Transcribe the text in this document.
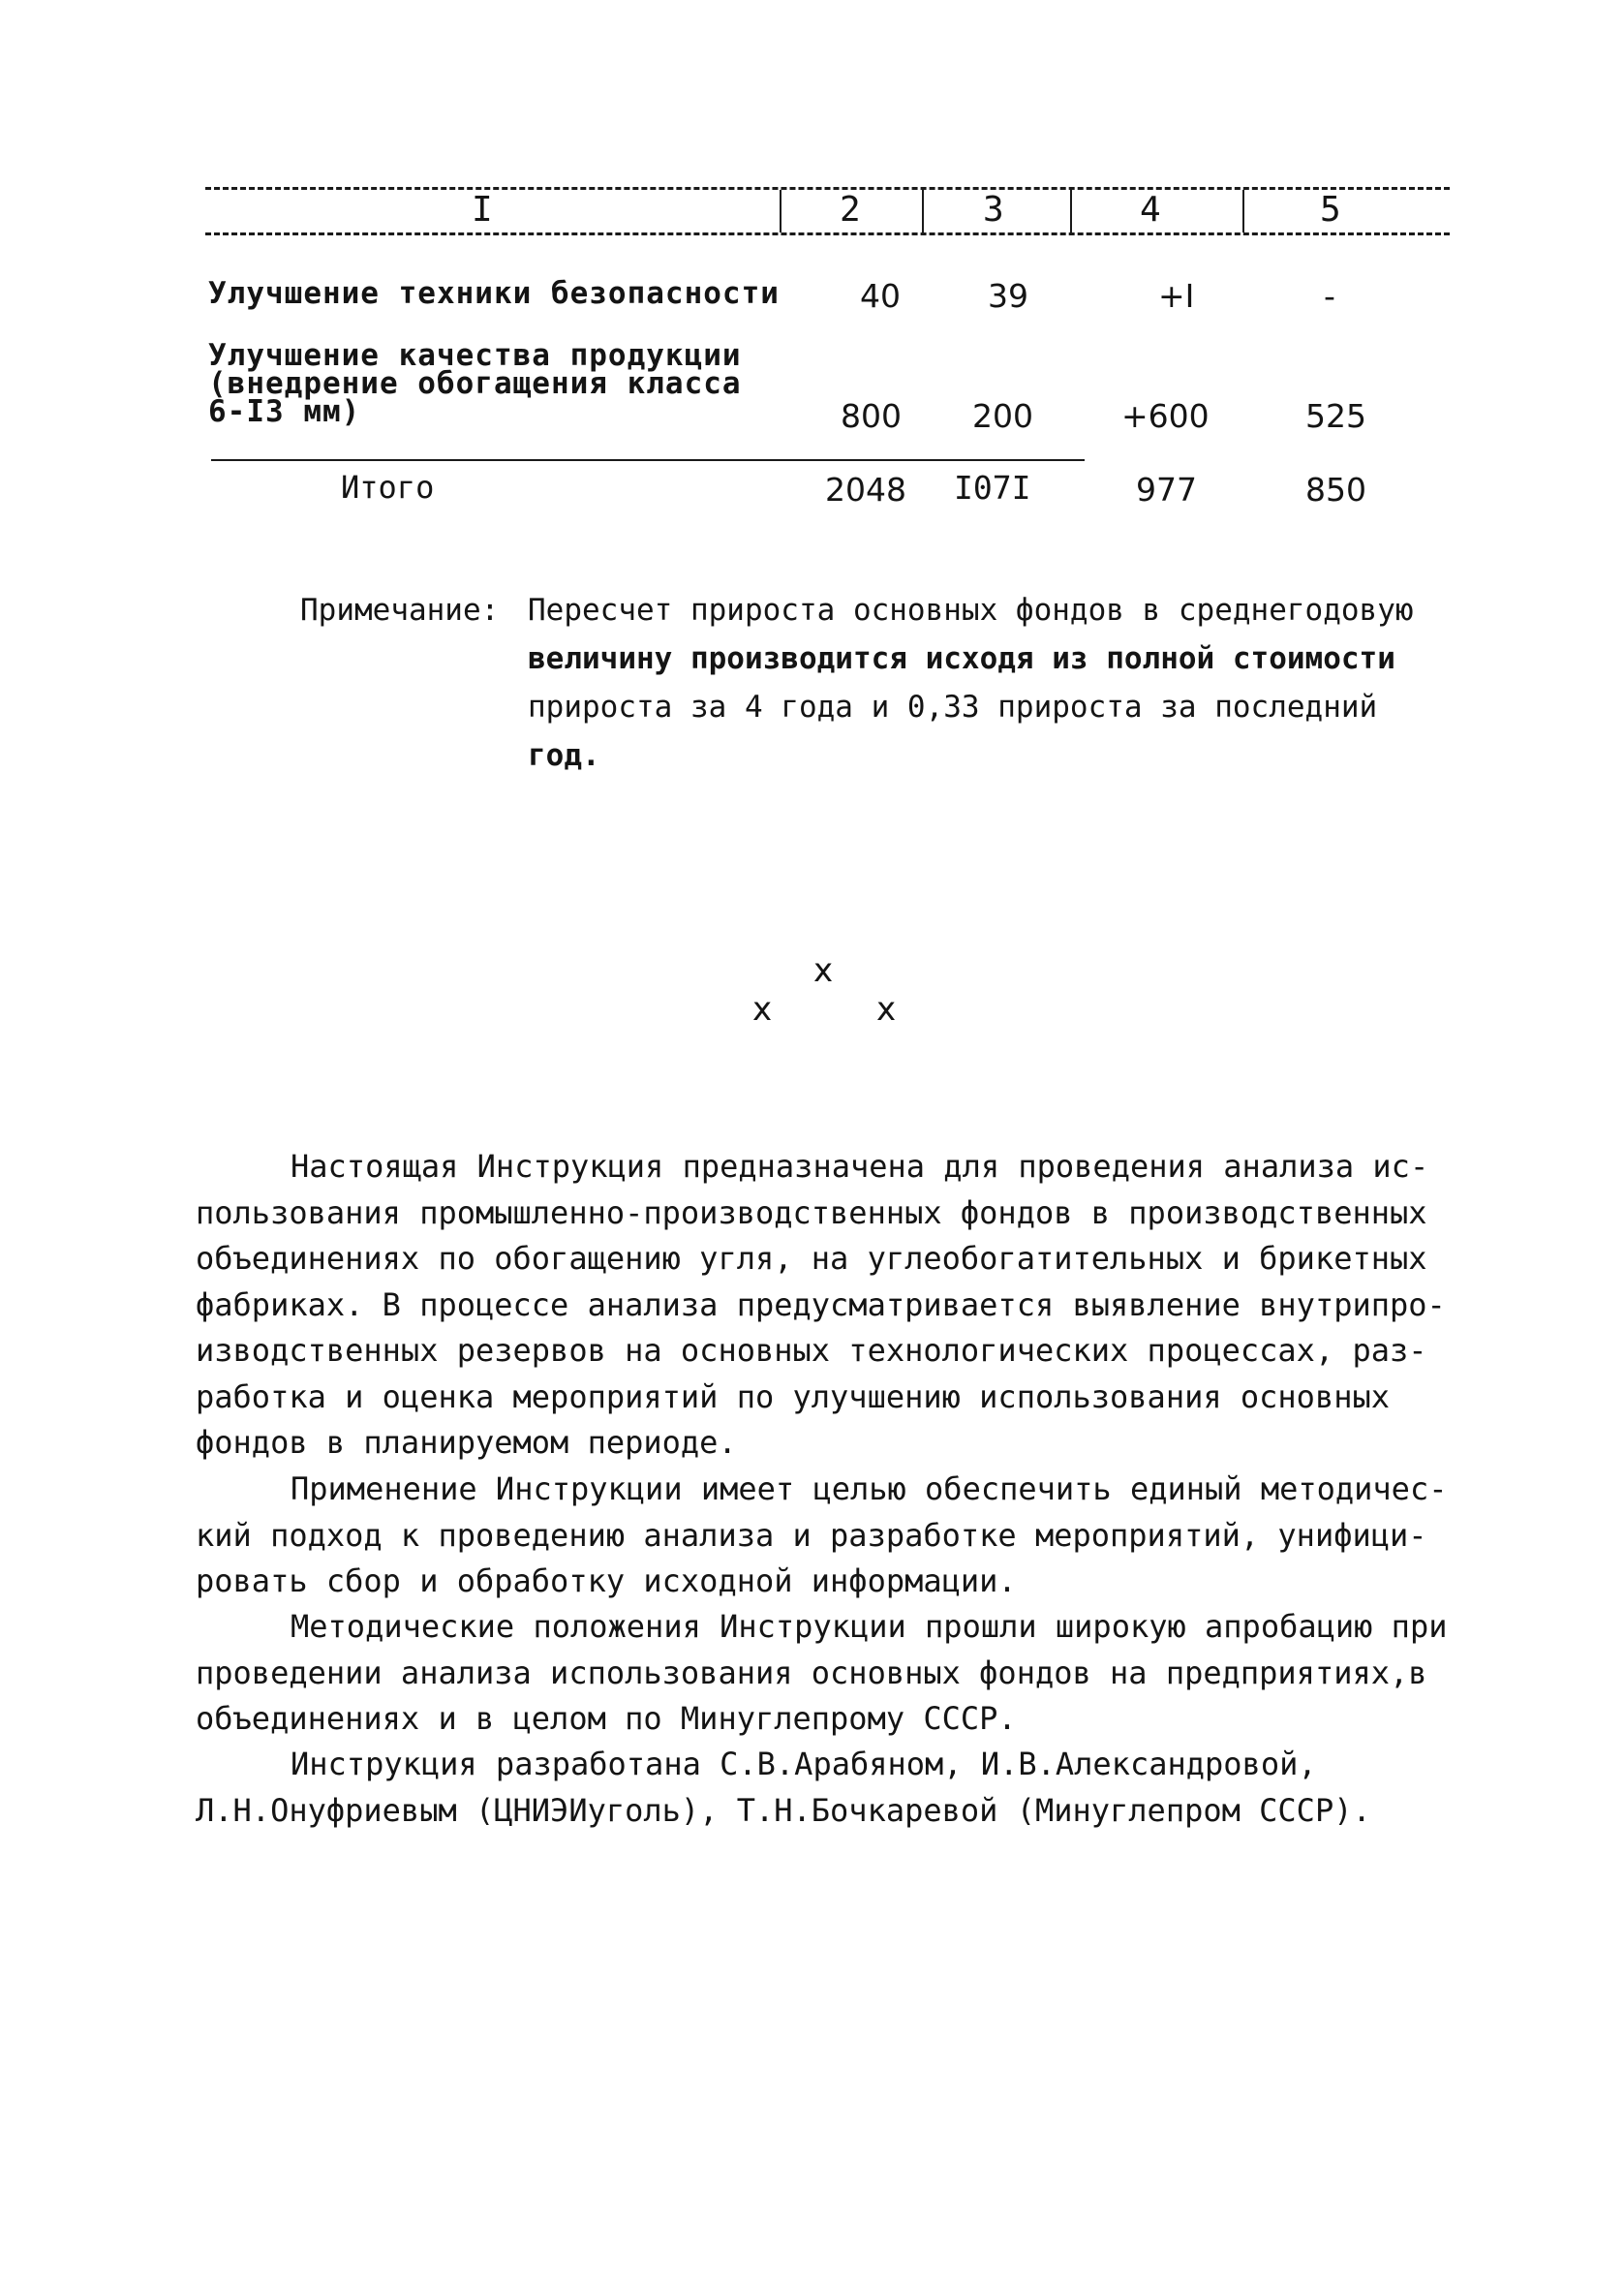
I	2	3	4	5
Улучшение техники безопасности	40	39	+I	-
Улучшение качества продукции
(внедрение обогащения класса
6-I3 мм)	800 200	+600	525
Итого	2048 I07I	977	850
Примечание: Пересчет прироста основных фондов в среднегодовую
величину производится исходя из полной стоимости
прироста за 4 года и 0,33 прироста за последний
год.
x
x	x
Настоящая Инструкция предназначена для проведения анализа ис-
пользования промышленно-производственных фондов в производственных
объединениях по обогащению угля, на углеобогатительных и брикетных
фабриках. В процессе анализа предусматривается выявление внутрипро-
изводственных резервов на основных технологических процессах, раз-
работка и оценка мероприятий по улучшению использования основных
фондов в планируемом периоде.
Применение Инструкции имеет целью обеспечить единый методичес-
кий подход к проведению анализа и разработке мероприятий, унифици-
ровать сбор и обработку исходной информации.
Методические положения Инструкции прошли широкую апробацию при
проведении анализа использования основных фондов на предприятиях,в
объединениях и в целом по Минуглепрому СССР.
Инструкция разработана С.В.Арабяном, И.В.Александровой,
Л.Н.Онуфриевым (ЦНИЭИуголь), Т.Н.Бочкаревой (Минуглепром СССР).
